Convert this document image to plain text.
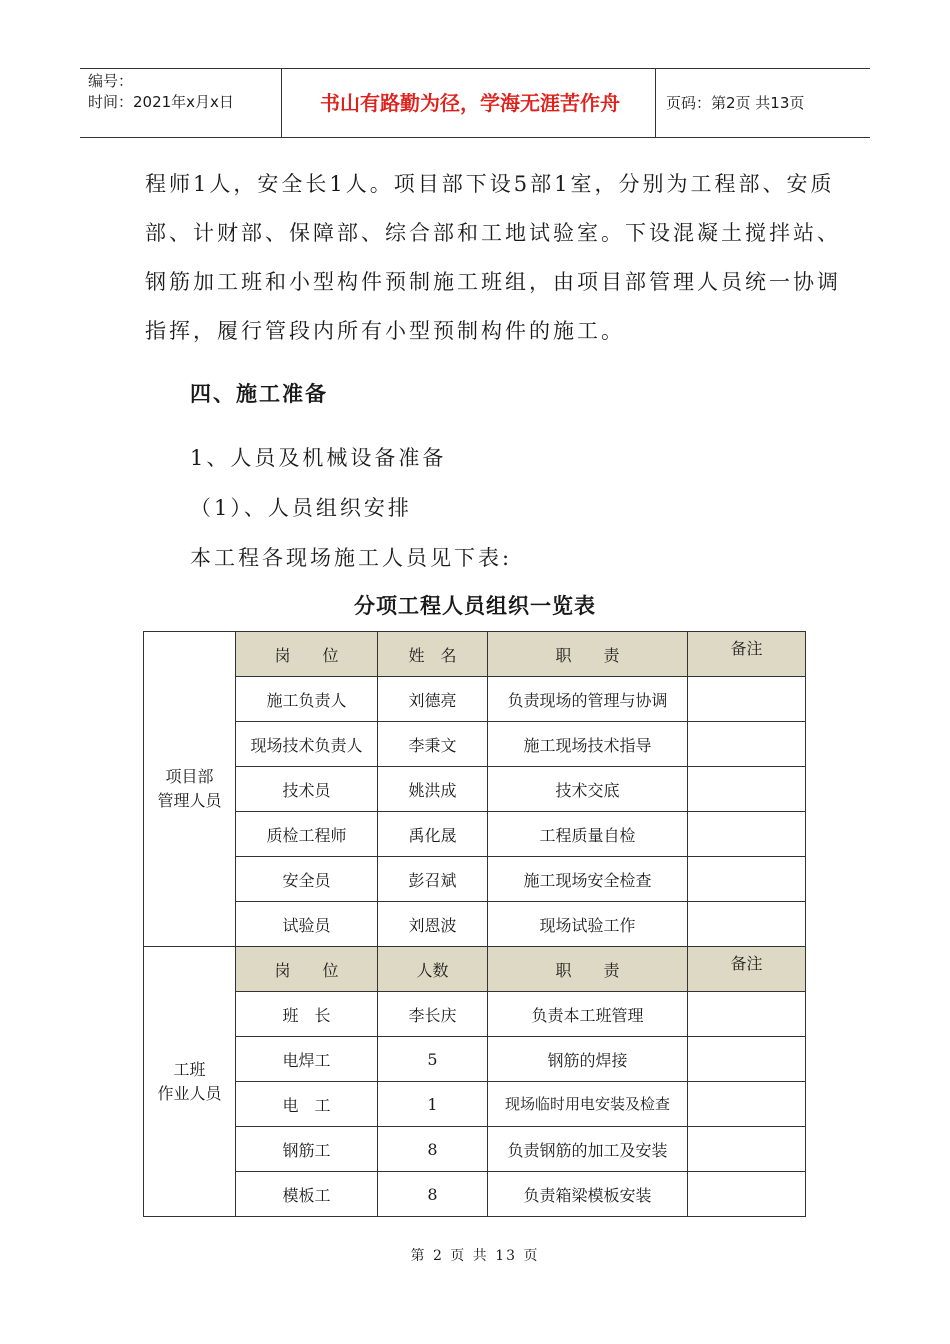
编号：
时间：2021年x月x日	书山有路勤为径，学海无涯苦作舟	页码：第2页 共13页
程师1人，安全长1人。项目部下设5部1室，分别为工程部、安质
部、计财部、保障部、综合部和工地试验室。下设混凝土搅拌站、
钢筋加工班和小型构件预制施工班组，由项目部管理人员统一协调
指挥，履行管段内所有小型预制构件的施工。
四、施工准备
1、人员及机械设备准备
（1）、人员组织安排
本工程各现场施工人员见下表:
分项工程人员组织一览表
项目部
管理人员	岗　　位	姓　名	职　　责	备注
	施工负责人	刘德亮	负责现场的管理与协调	
	现场技术负责人	李秉文	施工现场技术指导	
	技术员	姚洪成	技术交底	
	质检工程师	禹化晟	工程质量自检	
	安全员	彭召斌	施工现场安全检查	
	试验员	刘恩波	现场试验工作	
工班
作业人员	岗　　位	人数	职　　责	备注
	班　长	李长庆	负责本工班管理	
	电焊工	5	钢筋的焊接	
	电　工	1	现场临时用电安装及检查	
	钢筋工	8	负责钢筋的加工及安装	
	模板工	8	负责箱梁模板安装	
第 2 页 共 13 页
